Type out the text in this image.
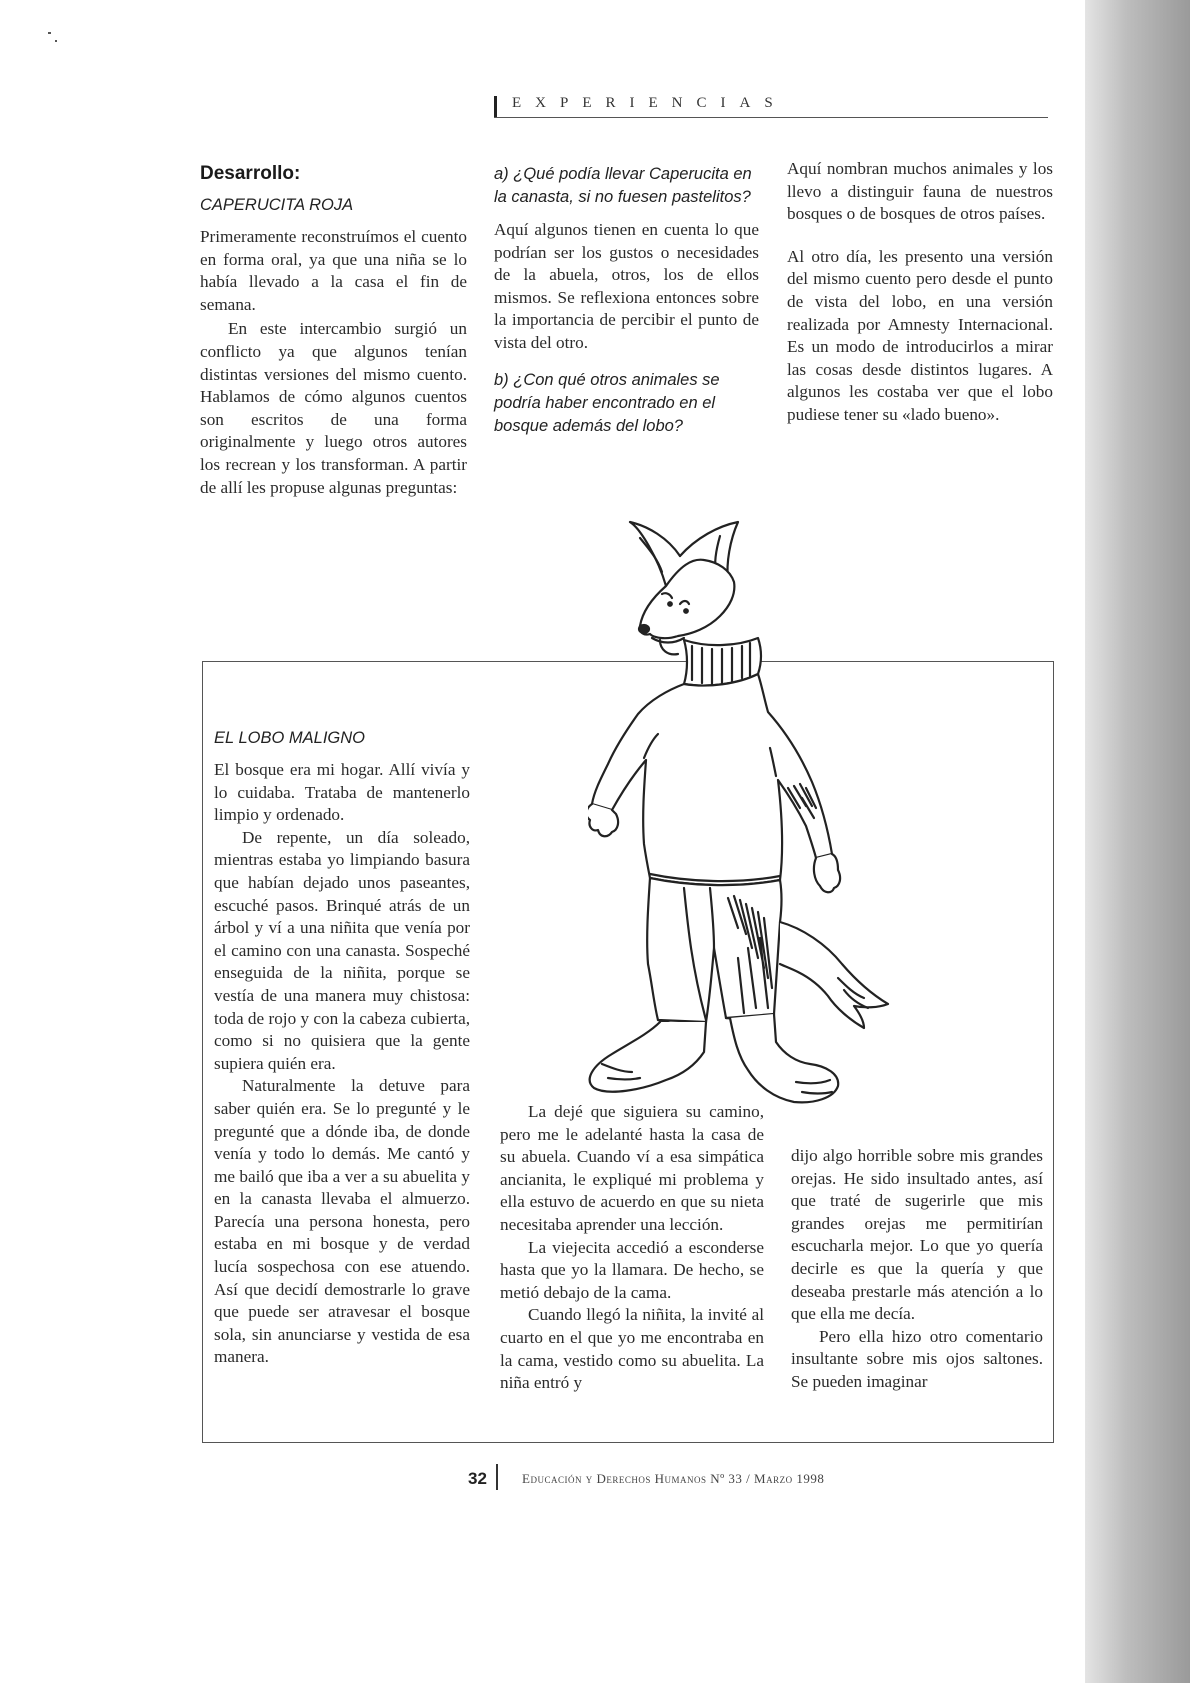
EXPERIENCIAS

Desarrollo:

CAPERUCITA ROJA

Primeramente reconstruímos el cuento en forma oral, ya que una niña se lo había llevado a la casa el fin de semana.

En este intercambio surgió un conflicto ya que algunos tenían distintas versiones del mismo cuento. Hablamos de cómo algunos cuentos son escritos de una forma originalmente y luego otros autores los recrean y los transforman. A partir de allí les propuse algunas preguntas:

a) ¿Qué podía llevar Caperucita en la canasta, si no fuesen pastelitos?

Aquí algunos tienen en cuenta lo que podrían ser los gustos o necesidades de la abuela, otros, los de ellos mismos. Se reflexiona entonces sobre la importancia de percibir el punto de vista del otro.

b) ¿Con qué otros animales se podría haber encontrado en el bosque además del lobo?

Aquí nombran muchos animales y los llevo a distinguir fauna de nuestros bosques o de bosques de otros países.

Al otro día, les presento una versión del mismo cuento pero desde el punto de vista del lobo, en una versión realizada por Amnesty Internacional. Es un modo de introducirlos a mirar las cosas desde distintos lugares. A algunos les costaba ver que el lobo pudiese tener su «lado bueno».

EL LOBO MALIGNO

El bosque era mi hogar. Allí vivía y lo cuidaba. Trataba de mantenerlo limpio y ordenado.

De repente, un día soleado, mientras estaba yo limpiando basura que habían dejado unos paseantes, escuché pasos. Brinqué atrás de un árbol y ví a una niñita que venía por el camino con una canasta. Sospeché enseguida de la niñita, porque se vestía de una manera muy chistosa: toda de rojo y con la cabeza cubierta, como si no quisiera que la gente supiera quién era.

Naturalmente la detuve para saber quién era. Se lo pregunté y le pregunté que a dónde iba, de donde venía y todo lo demás. Me cantó y me bailó que iba a ver a su abuelita y en la canasta llevaba el almuerzo. Parecía una persona honesta, pero estaba en mi bosque y de verdad lucía sospechosa con ese atuendo. Así que decidí demostrarle lo grave que puede ser atravesar el bosque sola, sin anunciarse y vestida de esa manera.

La dejé que siguiera su camino, pero me le adelanté hasta la casa de su abuela. Cuando ví a esa simpática ancianita, le expliqué mi problema y ella estuvo de acuerdo en que su nieta necesitaba aprender una lección.

La viejecita accedió a esconderse hasta que yo la llamara. De hecho, se metió debajo de la cama.

Cuando llegó la niñita, la invité al cuarto en el que yo me encontraba en la cama, vestido como su abuelita. La niña entró y

dijo algo horrible sobre mis grandes orejas. He sido insultado antes, así que traté de sugerirle que mis grandes orejas me permitirían escucharla mejor. Lo que yo quería decirle es que la quería y que deseaba prestarle más atención a lo que ella me decía.

Pero ella hizo otro comentario insultante sobre mis ojos saltones. Se pueden imaginar

32	Educación y Derechos Humanos Nº 33 / Marzo 1998
